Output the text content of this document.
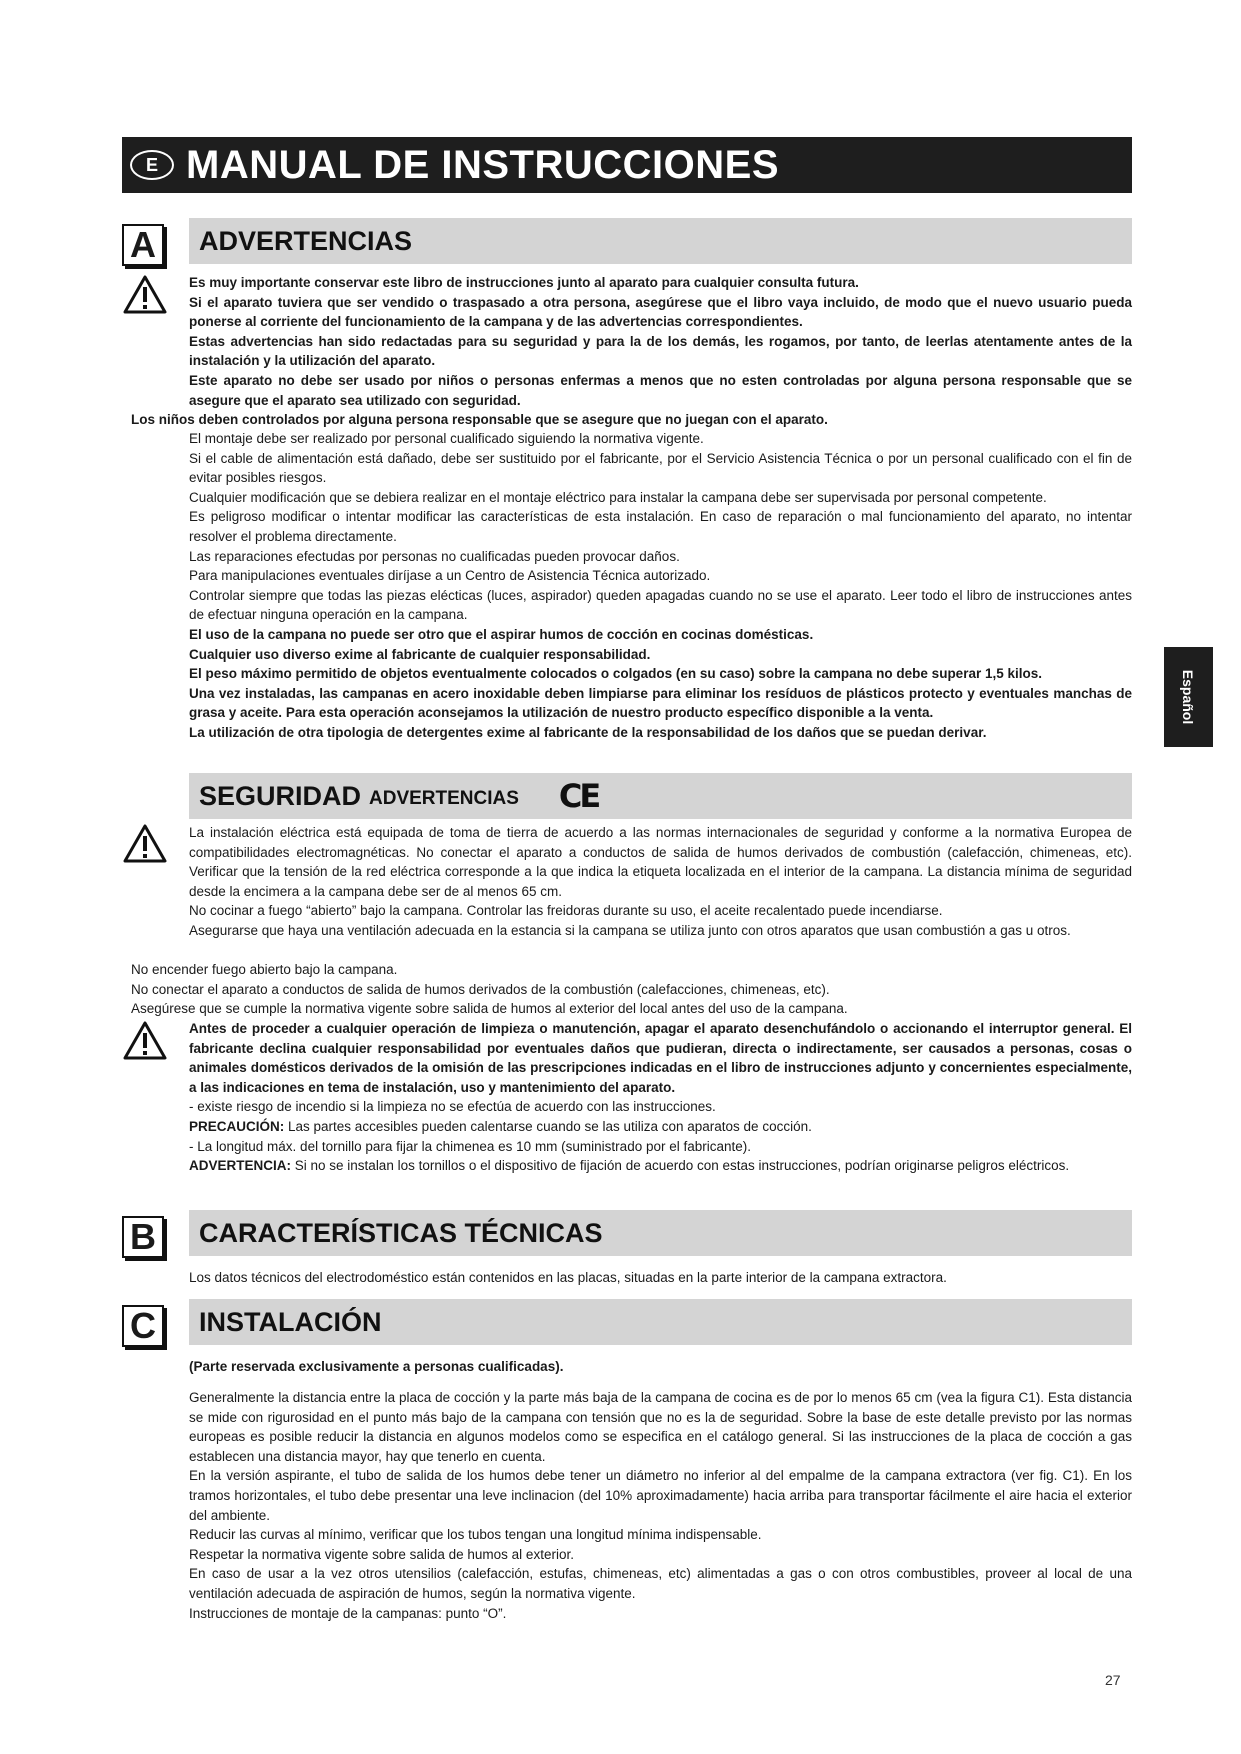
E MANUAL DE INSTRUCCIONES
Español
A ADVERTENCIAS

Es muy importante conservar este libro de instrucciones junto al aparato para cualquier consulta futura.

Si el aparato tuviera que ser vendido o traspasado a otra persona, asegúrese que el libro vaya incluido, de modo que el nuevo usuario pueda ponerse al corriente del funcionamiento de la campana y de las advertencias correspondientes.

Estas advertencias han sido redactadas para su seguridad y para la de los demás, les rogamos, por tanto, de leerlas atentamente antes de la instalación y la utilización del aparato.

Este aparato no debe ser usado por niños o personas enfermas a menos que no esten controladas por alguna persona responsable que se asegure que el aparato sea utilizado con seguridad.

Los niños deben controlados por alguna persona responsable que se asegure que no juegan con el aparato.

El montaje debe ser realizado por personal cualificado siguiendo la normativa vigente.

Si el cable de alimentación está dañado, debe ser sustituido por el fabricante, por el Servicio Asistencia Técnica o por un personal cualificado con el fin de evitar posibles riesgos.

Cualquier modificación que se debiera realizar en el montaje eléctrico para instalar la campana debe ser supervisada por personal competente.

Es peligroso modificar o intentar modificar las características de esta instalación. En caso de reparación o mal funcionamiento del aparato, no intentar resolver el problema directamente.

Las reparaciones efectudas por personas no cualificadas pueden provocar daños.

Para manipulaciones eventuales diríjase a un Centro de Asistencia Técnica autorizado.

Controlar siempre que todas las piezas elécticas (luces, aspirador) queden apagadas cuando no se use el aparato. Leer todo el libro de instrucciones antes de efectuar ninguna operación en la campana.

El uso de la campana no puede ser otro que el aspirar humos de cocción en cocinas domésticas.

Cualquier uso diverso exime al fabricante de cualquier responsabilidad.

El peso máximo permitido de objetos eventualmente colocados o colgados (en su caso) sobre la campana no debe superar 1,5 kilos.

Una vez instaladas, las campanas en acero inoxidable deben limpiarse para eliminar los resíduos de plásticos protecto y eventuales manchas de grasa y aceite. Para esta operación aconsejamos la utilización de nuestro producto específico disponible a la venta.

La utilización de otra tipologia de detergentes exime al fabricante de la responsabilidad de los daños que se puedan derivar.

SEGURIDAD ADVERTENCIAS CE

La instalación eléctrica está equipada de toma de tierra de acuerdo a las normas internacionales de seguridad y conforme a la normativa Europea de compatibilidades electromagnéticas. No conectar el aparato a conductos de salida de humos derivados de combustión (calefacción, chimeneas, etc). Verificar que la tensión de la red eléctrica corresponde a la que indica la etiqueta localizada en el interior de la campana. La distancia mínima de seguridad desde la encimera a la campana debe ser de al menos 65 cm.

No cocinar a fuego “abierto” bajo la campana. Controlar las freidoras durante su uso, el aceite recalentado puede incendiarse.

Asegurarse que haya una ventilación adecuada en la estancia si la campana se utiliza junto con otros aparatos que usan combustión a gas u otros.

No encender fuego abierto bajo la campana.

No conectar el aparato a conductos de salida de humos derivados de la combustión (calefacciones, chimeneas, etc).

Asegúrese que se cumple la normativa vigente sobre salida de humos al exterior del local antes del uso de la campana.

Antes de proceder a cualquier operación de limpieza o manutención, apagar el aparato desenchufándolo o accionando el interruptor general. El fabricante declina cualquier responsabilidad por eventuales daños que pudieran, directa o indirectamente, ser causados a personas, cosas o animales domésticos derivados de la omisión de las prescripciones indicadas en el libro de instrucciones adjunto y concernientes especialmente, a las indicaciones en tema de instalación, uso y mantenimiento del aparato.

- existe riesgo de incendio si la limpieza no se efectúa de acuerdo con las instrucciones.

PRECAUCIÓN: Las partes accesibles pueden calentarse cuando se las utiliza con aparatos de cocción.

- La longitud máx. del tornillo para fijar la chimenea es 10 mm (suministrado por el fabricante).

ADVERTENCIA: Si no se instalan los tornillos o el dispositivo de fijación de acuerdo con estas instrucciones, podrían originarse peligros eléctricos.

B CARACTERÍSTICAS TÉCNICAS
Los datos técnicos del electrodoméstico están contenidos en las placas, situadas en la parte interior de la campana extractora.
C INSTALACIÓN
(Parte reservada exclusivamente a personas cualificadas).

Generalmente la distancia entre la placa de cocción y la parte más baja de la campana de cocina es de por lo menos 65 cm (vea la figura C1). Esta distancia se mide con rigurosidad en el punto más bajo de la campana con tensión que no es la de seguridad. Sobre la base de este detalle previsto por las normas europeas es posible reducir la distancia en algunos modelos como se especifica en el catálogo general. Si las instrucciones de la placa de cocción a gas establecen una distancia mayor, hay que tenerlo en cuenta.

En la versión aspirante, el tubo de salida de los humos debe tener un diámetro no inferior al del empalme de la campana extractora (ver fig. C1). En los tramos horizontales, el tubo debe presentar una leve inclinacion (del 10% aproximadamente) hacia arriba para transportar fácilmente el aire hacia el exterior del ambiente.

Reducir las curvas al mínimo, verificar que los tubos tengan una longitud mínima indispensable.

Respetar la normativa vigente sobre salida de humos al exterior.

En caso de usar a la vez otros utensilios (calefacción, estufas, chimeneas, etc) alimentadas a gas o con otros combustibles, proveer al local de una ventilación adecuada de aspiración de humos, según la normativa vigente.

Instrucciones de montaje de la campanas: punto “O”.

27
